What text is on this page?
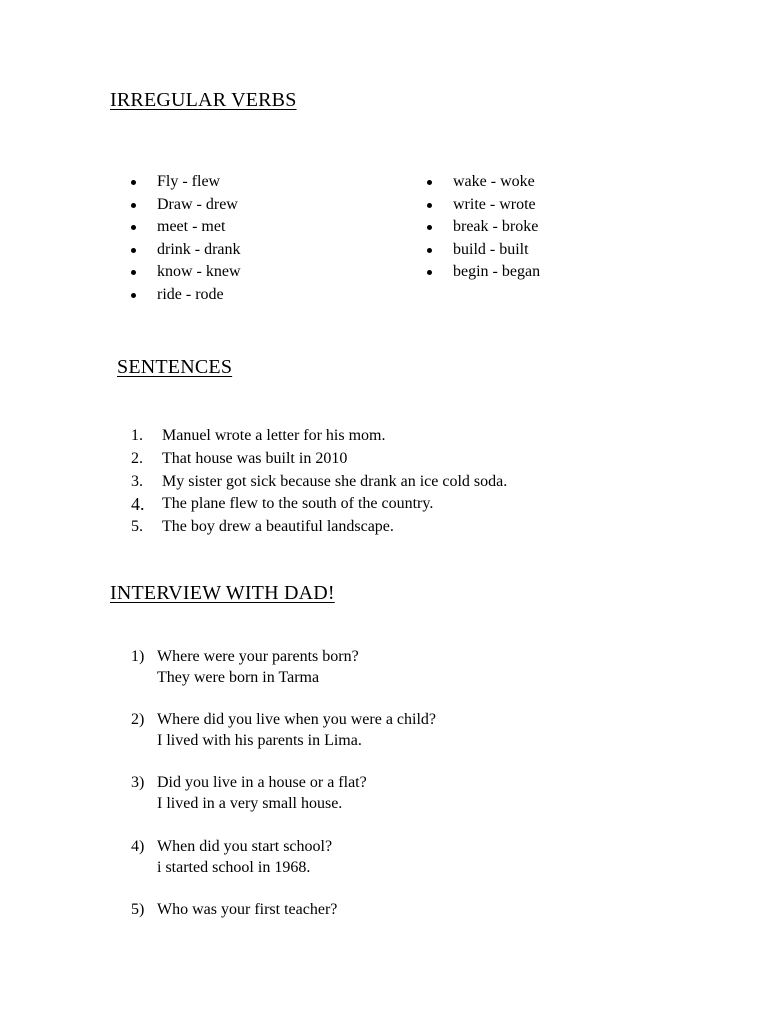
IRREGULAR VERBS
Fly - flew
Draw - drew
meet - met
drink - drank
know - knew
ride - rode
wake - woke
write - wrote
break - broke
build - built
begin - began
SENTENCES
1. Manuel wrote a letter for his mom.
2. That house was built in 2010
3. My sister got sick because she drank an ice cold soda.
4. The plane flew to the south of the country.
5. The boy drew a beautiful landscape.
INTERVIEW WITH DAD!
1) Where were your parents born?
They were born in Tarma
2) Where did you live when you were a child?
I lived with his parents in Lima.
3) Did you live in a house or a flat?
I lived in a very small house.
4) When did you start school?
i started school in 1968.
5) Who was your first teacher?
